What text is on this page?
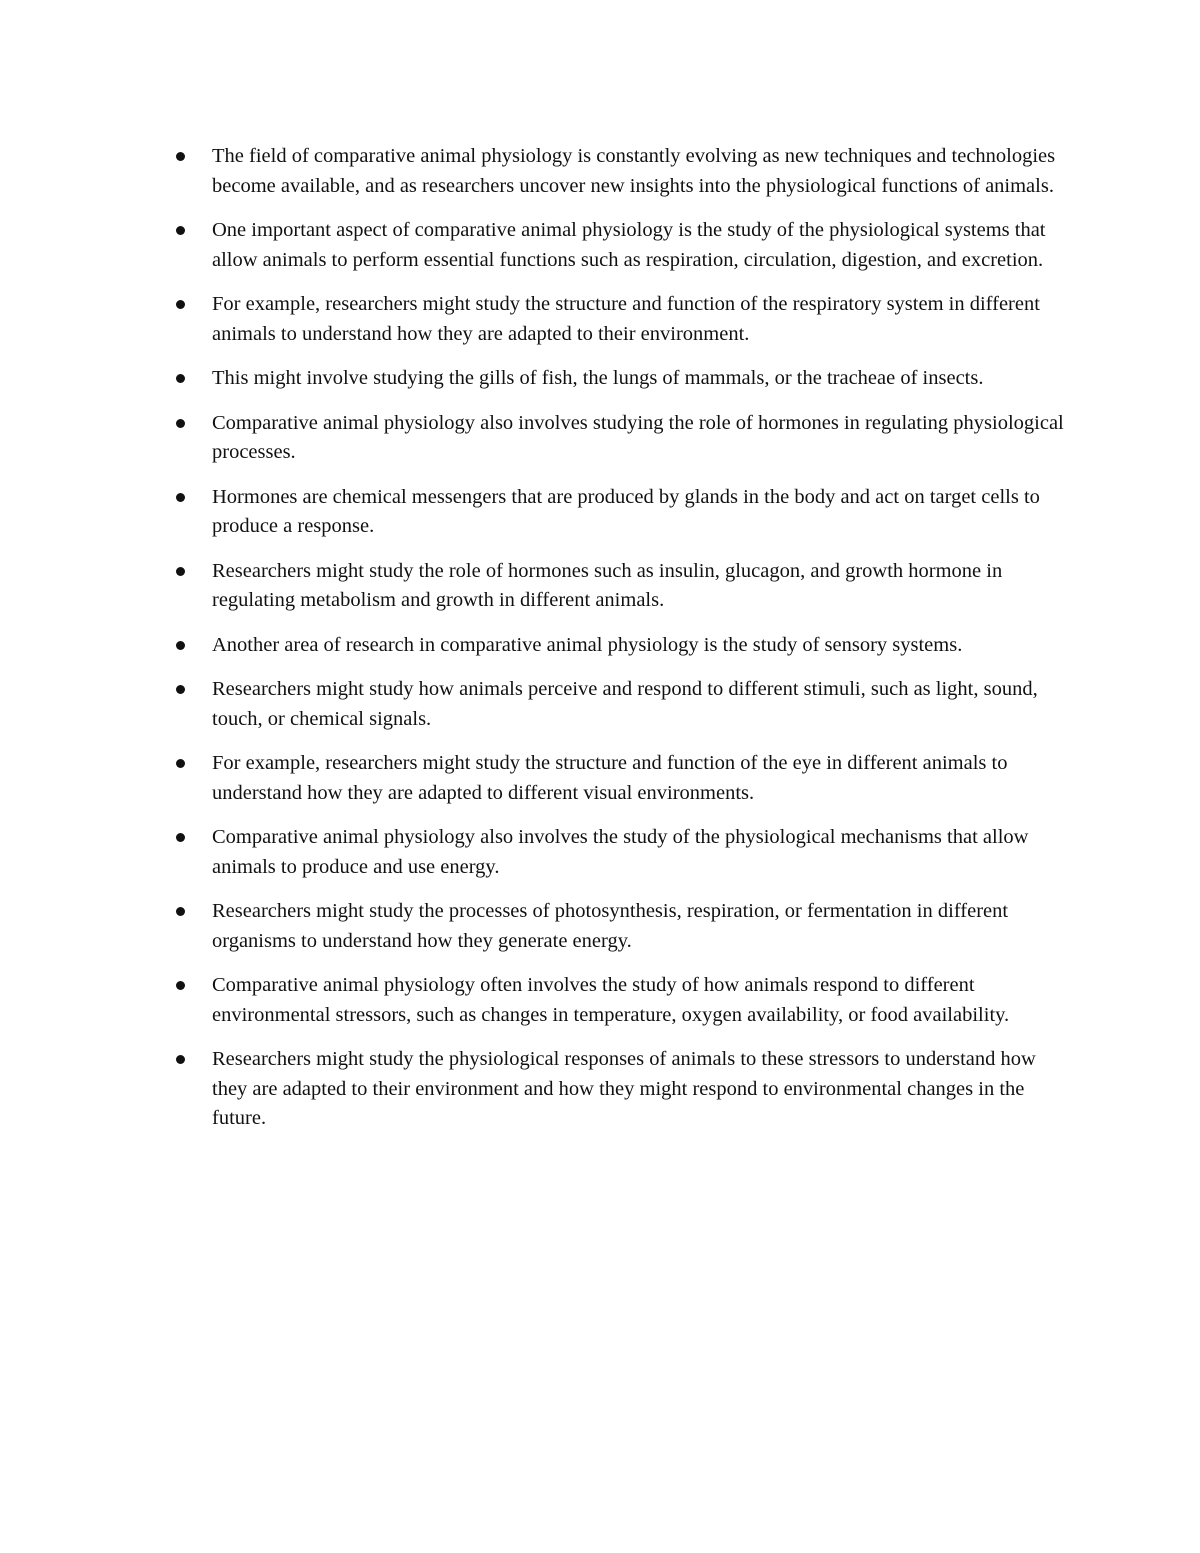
The field of comparative animal physiology is constantly evolving as new techniques and technologies become available, and as researchers uncover new insights into the physiological functions of animals.
One important aspect of comparative animal physiology is the study of the physiological systems that allow animals to perform essential functions such as respiration, circulation, digestion, and excretion.
For example, researchers might study the structure and function of the respiratory system in different animals to understand how they are adapted to their environment.
This might involve studying the gills of fish, the lungs of mammals, or the tracheae of insects.
Comparative animal physiology also involves studying the role of hormones in regulating physiological processes.
Hormones are chemical messengers that are produced by glands in the body and act on target cells to produce a response.
Researchers might study the role of hormones such as insulin, glucagon, and growth hormone in regulating metabolism and growth in different animals.
Another area of research in comparative animal physiology is the study of sensory systems.
Researchers might study how animals perceive and respond to different stimuli, such as light, sound, touch, or chemical signals.
For example, researchers might study the structure and function of the eye in different animals to understand how they are adapted to different visual environments.
Comparative animal physiology also involves the study of the physiological mechanisms that allow animals to produce and use energy.
Researchers might study the processes of photosynthesis, respiration, or fermentation in different organisms to understand how they generate energy.
Comparative animal physiology often involves the study of how animals respond to different environmental stressors, such as changes in temperature, oxygen availability, or food availability.
Researchers might study the physiological responses of animals to these stressors to understand how they are adapted to their environment and how they might respond to environmental changes in the future.
